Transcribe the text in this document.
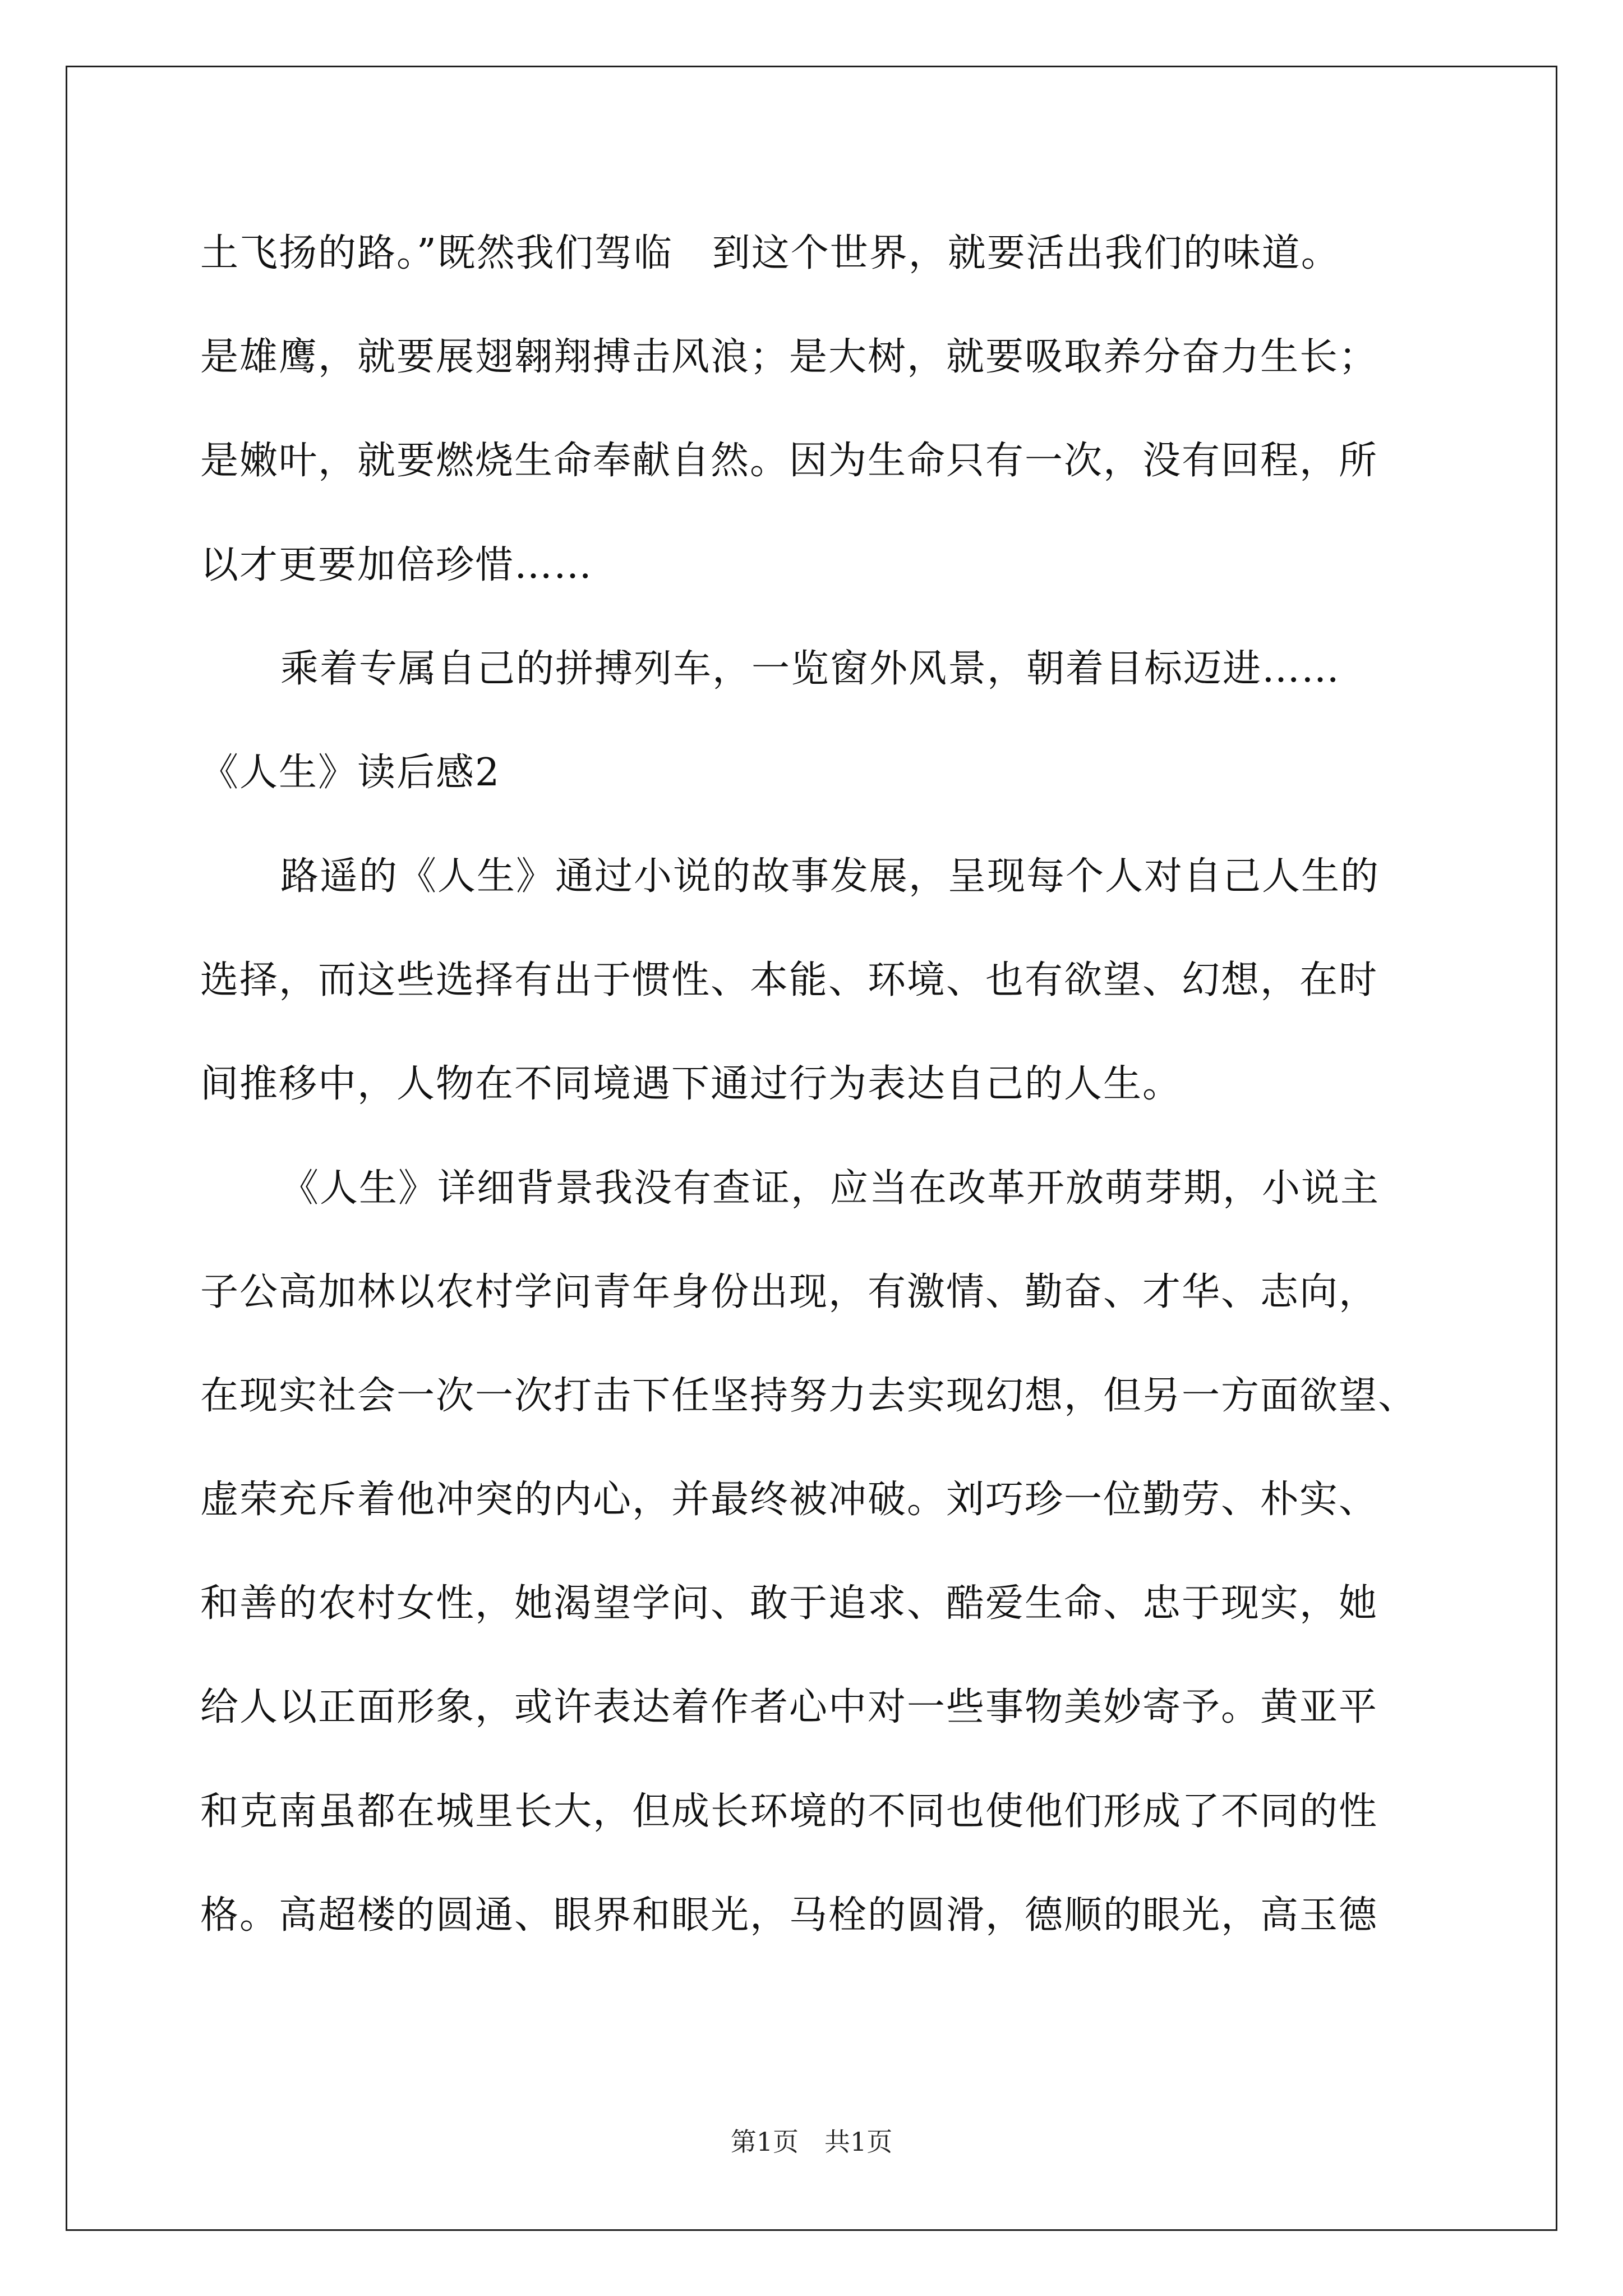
土飞扬的路。”既然我们驾临　到这个世界，就要活出我们的味道。
是雄鹰，就要展翅翱翔搏击风浪；是大树，就要吸取养分奋力生长；
是嫩叶，就要燃烧生命奉献自然。因为生命只有一次，没有回程，所
以才更要加倍珍惜……
乘着专属自己的拼搏列车，一览窗外风景，朝着目标迈进……
《人生》读后感2
路遥的《人生》通过小说的故事发展，呈现每个人对自己人生的
选择，而这些选择有出于惯性、本能、环境、也有欲望、幻想，在时
间推移中，人物在不同境遇下通过行为表达自己的人生。
《人生》详细背景我没有查证，应当在改革开放萌芽期，小说主
子公高加林以农村学问青年身份出现，有激情、勤奋、才华、志向，
在现实社会一次一次打击下任坚持努力去实现幻想，但另一方面欲望、
虚荣充斥着他冲突的内心，并最终被冲破。刘巧珍一位勤劳、朴实、
和善的农村女性，她渴望学问、敢于追求、酷爱生命、忠于现实，她
给人以正面形象，或许表达着作者心中对一些事物美妙寄予。黄亚平
和克南虽都在城里长大，但成长环境的不同也使他们形成了不同的性
格。高超楼的圆通、眼界和眼光，马栓的圆滑，德顺的眼光，高玉德
第1页　共1页
